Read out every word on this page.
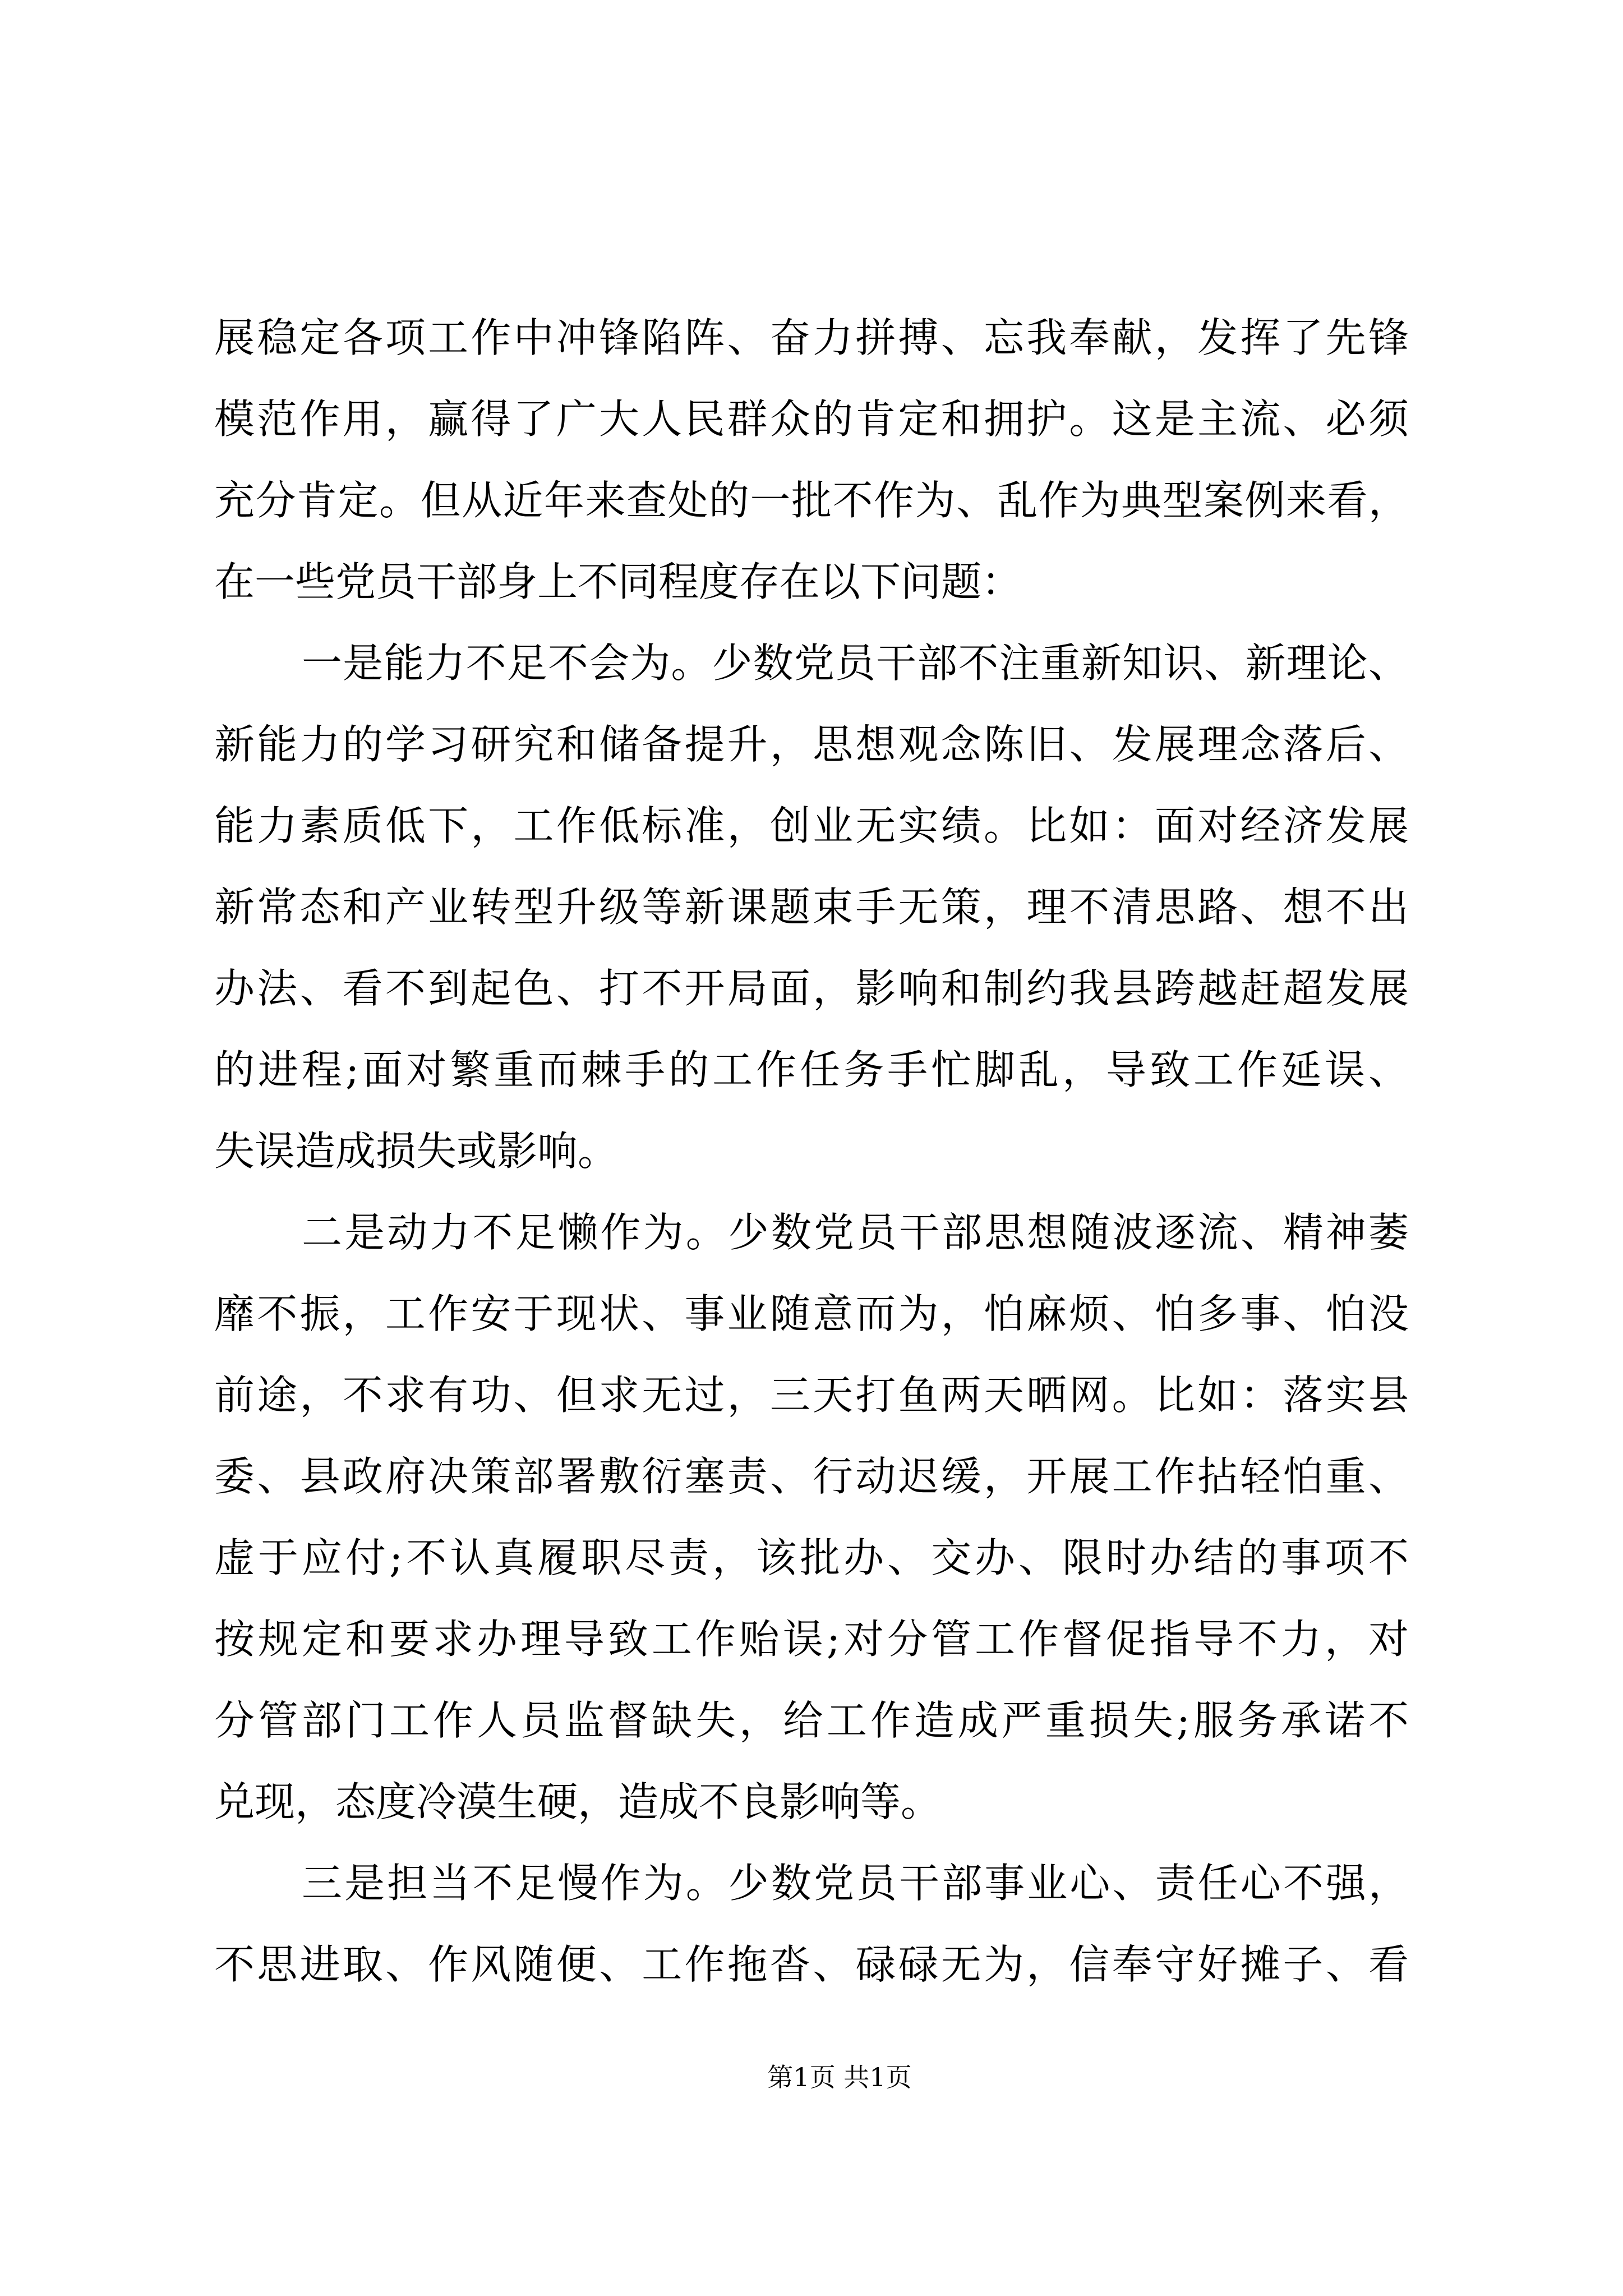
展稳定各项工作中冲锋陷阵、奋力拼搏、忘我奉献，发挥了先锋
模范作用，赢得了广大人民群众的肯定和拥护。这是主流、必须
充分肯定。但从近年来查处的一批不作为、乱作为典型案例来看，
在一些党员干部身上不同程度存在以下问题：
一是能力不足不会为。少数党员干部不注重新知识、新理论、
新能力的学习研究和储备提升，思想观念陈旧、发展理念落后、
能力素质低下，工作低标准，创业无实绩。比如：面对经济发展
新常态和产业转型升级等新课题束手无策，理不清思路、想不出
办法、看不到起色、打不开局面，影响和制约我县跨越赶超发展
的进程;面对繁重而棘手的工作任务手忙脚乱，导致工作延误、
失误造成损失或影响。
二是动力不足懒作为。少数党员干部思想随波逐流、精神萎
靡不振，工作安于现状、事业随意而为，怕麻烦、怕多事、怕没
前途，不求有功、但求无过，三天打鱼两天晒网。比如：落实县
委、县政府决策部署敷衍塞责、行动迟缓，开展工作拈轻怕重、
虚于应付;不认真履职尽责，该批办、交办、限时办结的事项不
按规定和要求办理导致工作贻误;对分管工作督促指导不力，对
分管部门工作人员监督缺失，给工作造成严重损失;服务承诺不
兑现，态度冷漠生硬，造成不良影响等。
三是担当不足慢作为。少数党员干部事业心、责任心不强，
不思进取、作风随便、工作拖沓、碌碌无为，信奉守好摊子、看
第1页 共1页
